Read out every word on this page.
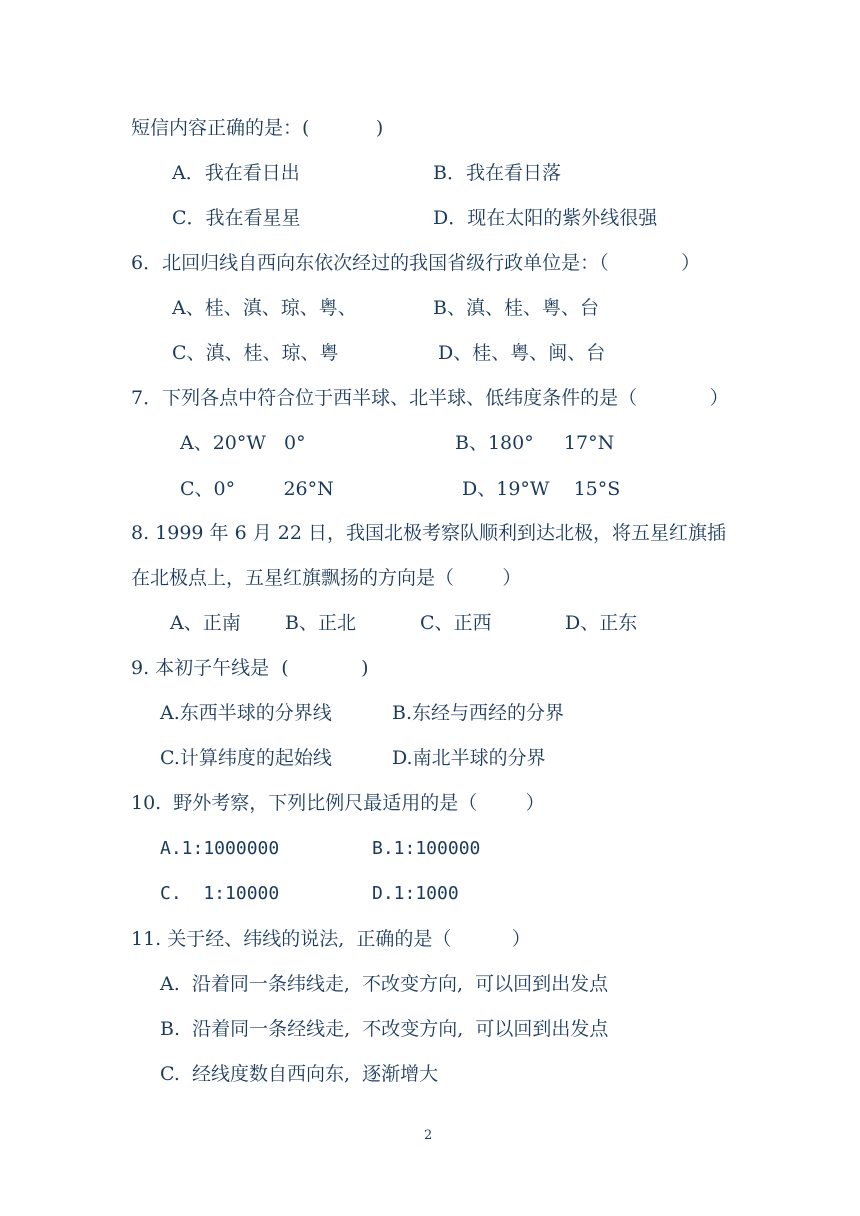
短信内容正确的是：(           )
A．我在看日出	B．我在看日落
C．我在看星星	D．现在太阳的紫外线很强
6．北回归线自西向东依次经过的我国省级行政单位是：（            ）
A、桂、滇、琼、粤、	B、滇、桂、粤、台
C、滇、桂、琼、粤	D、桂、粤、闽、台
7．下列各点中符合位于西半球、北半球、低纬度条件的是（            ）
A、20°W   0°	B、180°     17°N
C、0°        26°N	D、19°W    15°S
8. 1999 年 6 月 22 日，我国北极考察队顺利到达北极，将五星红旗插
在北极点上，五星红旗飘扬的方向是（        ）
A、正南 B、正北	C、正西	D、正东
9. 本初子午线是  (            )
A.东西半球的分界线	B.东经与西经的分界
C.计算纬度的起始线	D.南北半球的分界
10.  野外考察，下列比例尺最适用的是（        ）
A.1:1000000	B.1:100000
C.  1:10000	D.1:1000
11. 关于经、纬线的说法,  正确的是（          ）
A.  沿着同一条纬线走,  不改变方向,  可以回到出发点
B.  沿着同一条经线走,  不改变方向,  可以回到出发点
C.  经线度数自西向东,  逐渐增大
2
